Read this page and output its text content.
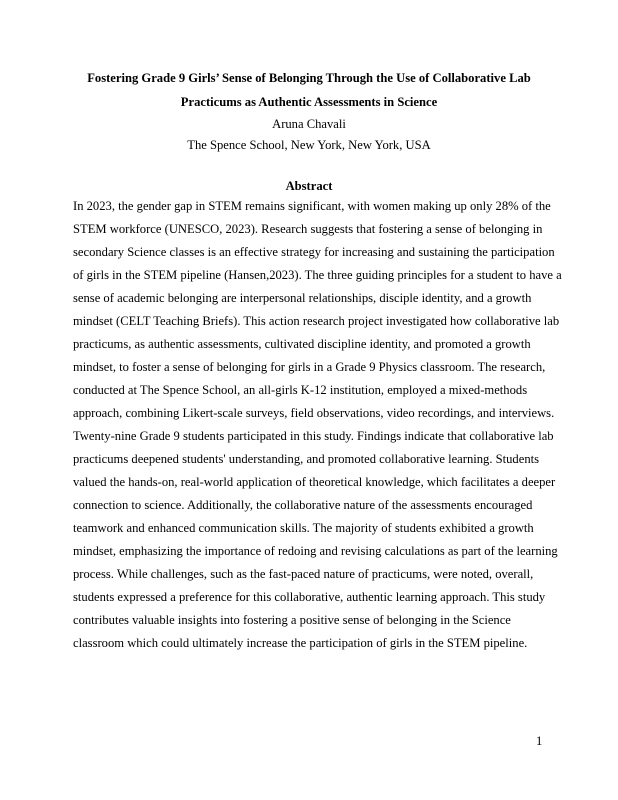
Fostering Grade 9 Girls’ Sense of Belonging Through the Use of Collaborative Lab
Practicums as Authentic Assessments in Science
Aruna Chavali
The Spence School, New York, New York, USA
Abstract
In 2023, the gender gap in STEM remains significant, with women making up only 28% of the
STEM workforce (UNESCO, 2023). Research suggests that fostering a sense of belonging in
secondary Science classes is an effective strategy for increasing and sustaining the participation
of girls in the STEM pipeline (Hansen,2023). The three guiding principles for a student to have a
sense of academic belonging are interpersonal relationships, disciple identity, and a growth
mindset (CELT Teaching Briefs). This action research project investigated how collaborative lab
practicums, as authentic assessments, cultivated discipline identity, and promoted a growth
mindset, to foster a sense of belonging for girls in a Grade 9 Physics classroom. The research,
conducted at The Spence School, an all-girls K-12 institution, employed a mixed-methods
approach, combining Likert-scale surveys, field observations, video recordings, and interviews.
Twenty-nine Grade 9 students participated in this study. Findings indicate that collaborative lab
practicums deepened students' understanding, and promoted collaborative learning. Students
valued the hands-on, real-world application of theoretical knowledge, which facilitates a deeper
connection to science. Additionally, the collaborative nature of the assessments encouraged
teamwork and enhanced communication skills. The majority of students exhibited a growth
mindset, emphasizing the importance of redoing and revising calculations as part of the learning
process. While challenges, such as the fast-paced nature of practicums, were noted, overall,
students expressed a preference for this collaborative, authentic learning approach. This study
contributes valuable insights into fostering a positive sense of belonging in the Science
classroom which could ultimately increase the participation of girls in the STEM pipeline.
1
